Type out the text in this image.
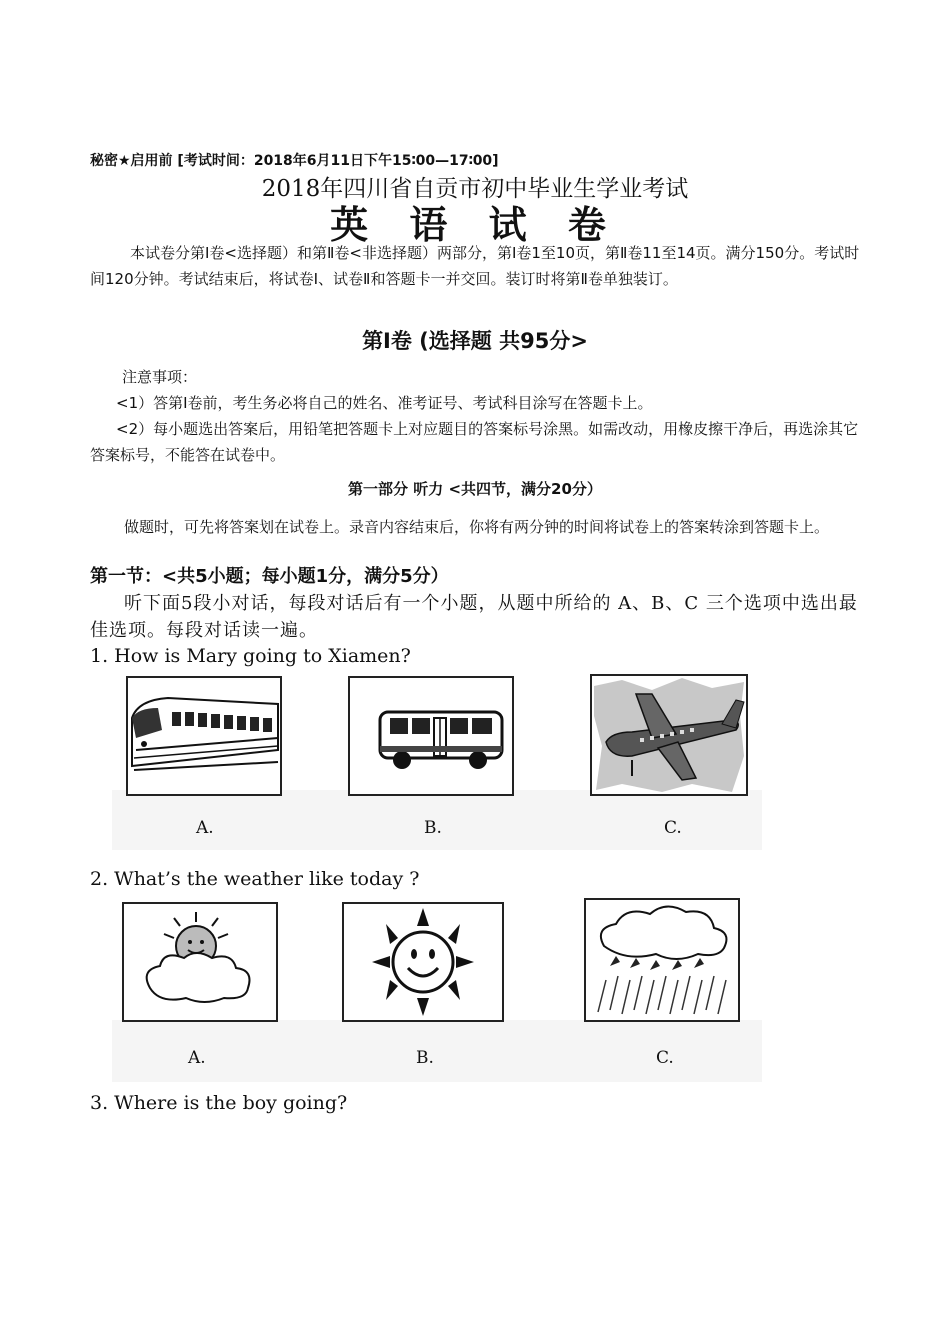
秘密★启用前 [考试时间：2018年6月11日下午15∶00—17∶00]
2018年四川省自贡市初中毕业生学业考试
英 语 试 卷
本试卷分第Ⅰ卷<选择题）和第Ⅱ卷<非选择题）两部分，第Ⅰ卷1至10页，第Ⅱ卷11至14页。满分150分。考试时间120分钟。考试结束后，将试卷Ⅰ、试卷Ⅱ和答题卡一并交回。装订时将第Ⅱ卷单独装订。
第Ⅰ卷 (选择题 共95分>
注意事项：
<1）答第Ⅰ卷前，考生务必将自己的姓名、准考证号、考试科目涂写在答题卡上。
<2）每小题选出答案后，用铅笔把答题卡上对应题目的答案标号涂黑。如需改动，用橡皮擦干净后，再选涂其它答案标号，不能答在试卷中。
第一部分 听力 <共四节，满分20分）
做题时，可先将答案划在试卷上。录音内容结束后，你将有两分钟的时间将试卷上的答案转涂到答题卡上。
第一节：<共5小题；每小题1分，满分5分）
听下面5段小对话，每段对话后有一个小题，从题中所给的 A、B、C 三个选项中选出最佳选项。每段对话读一遍。
1. How is Mary going to Xiamen?
A.	B.	C.
2. What’s the weather like today ?
A.	B.	C.
3. Where is the boy going?
